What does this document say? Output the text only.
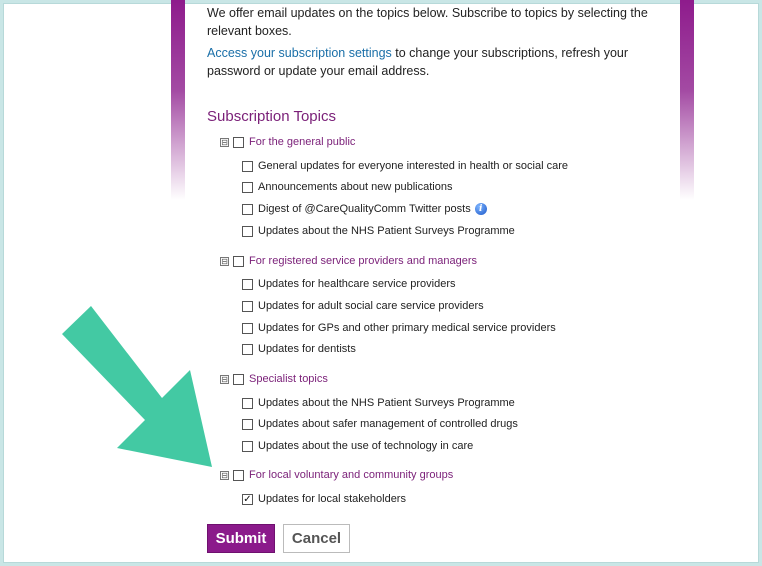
We offer email updates on the topics below. Subscribe to topics by selecting the relevant boxes.
Access your subscription settings to change your subscriptions, refresh your password or update your email address.
Subscription Topics
⊟ For the general public
General updates for everyone interested in health or social care
Announcements about new publications
Digest of @CareQualityComm Twitter posts i
Updates about the NHS Patient Surveys Programme
⊟ For registered service providers and managers
Updates for healthcare service providers
Updates for adult social care service providers
Updates for GPs and other primary medical service providers
Updates for dentists
⊟ Specialist topics
Updates about the NHS Patient Surveys Programme
Updates about safer management of controlled drugs
Updates about the use of technology in care
⊟ For local voluntary and community groups
✓ Updates for local stakeholders
Submit	Cancel
